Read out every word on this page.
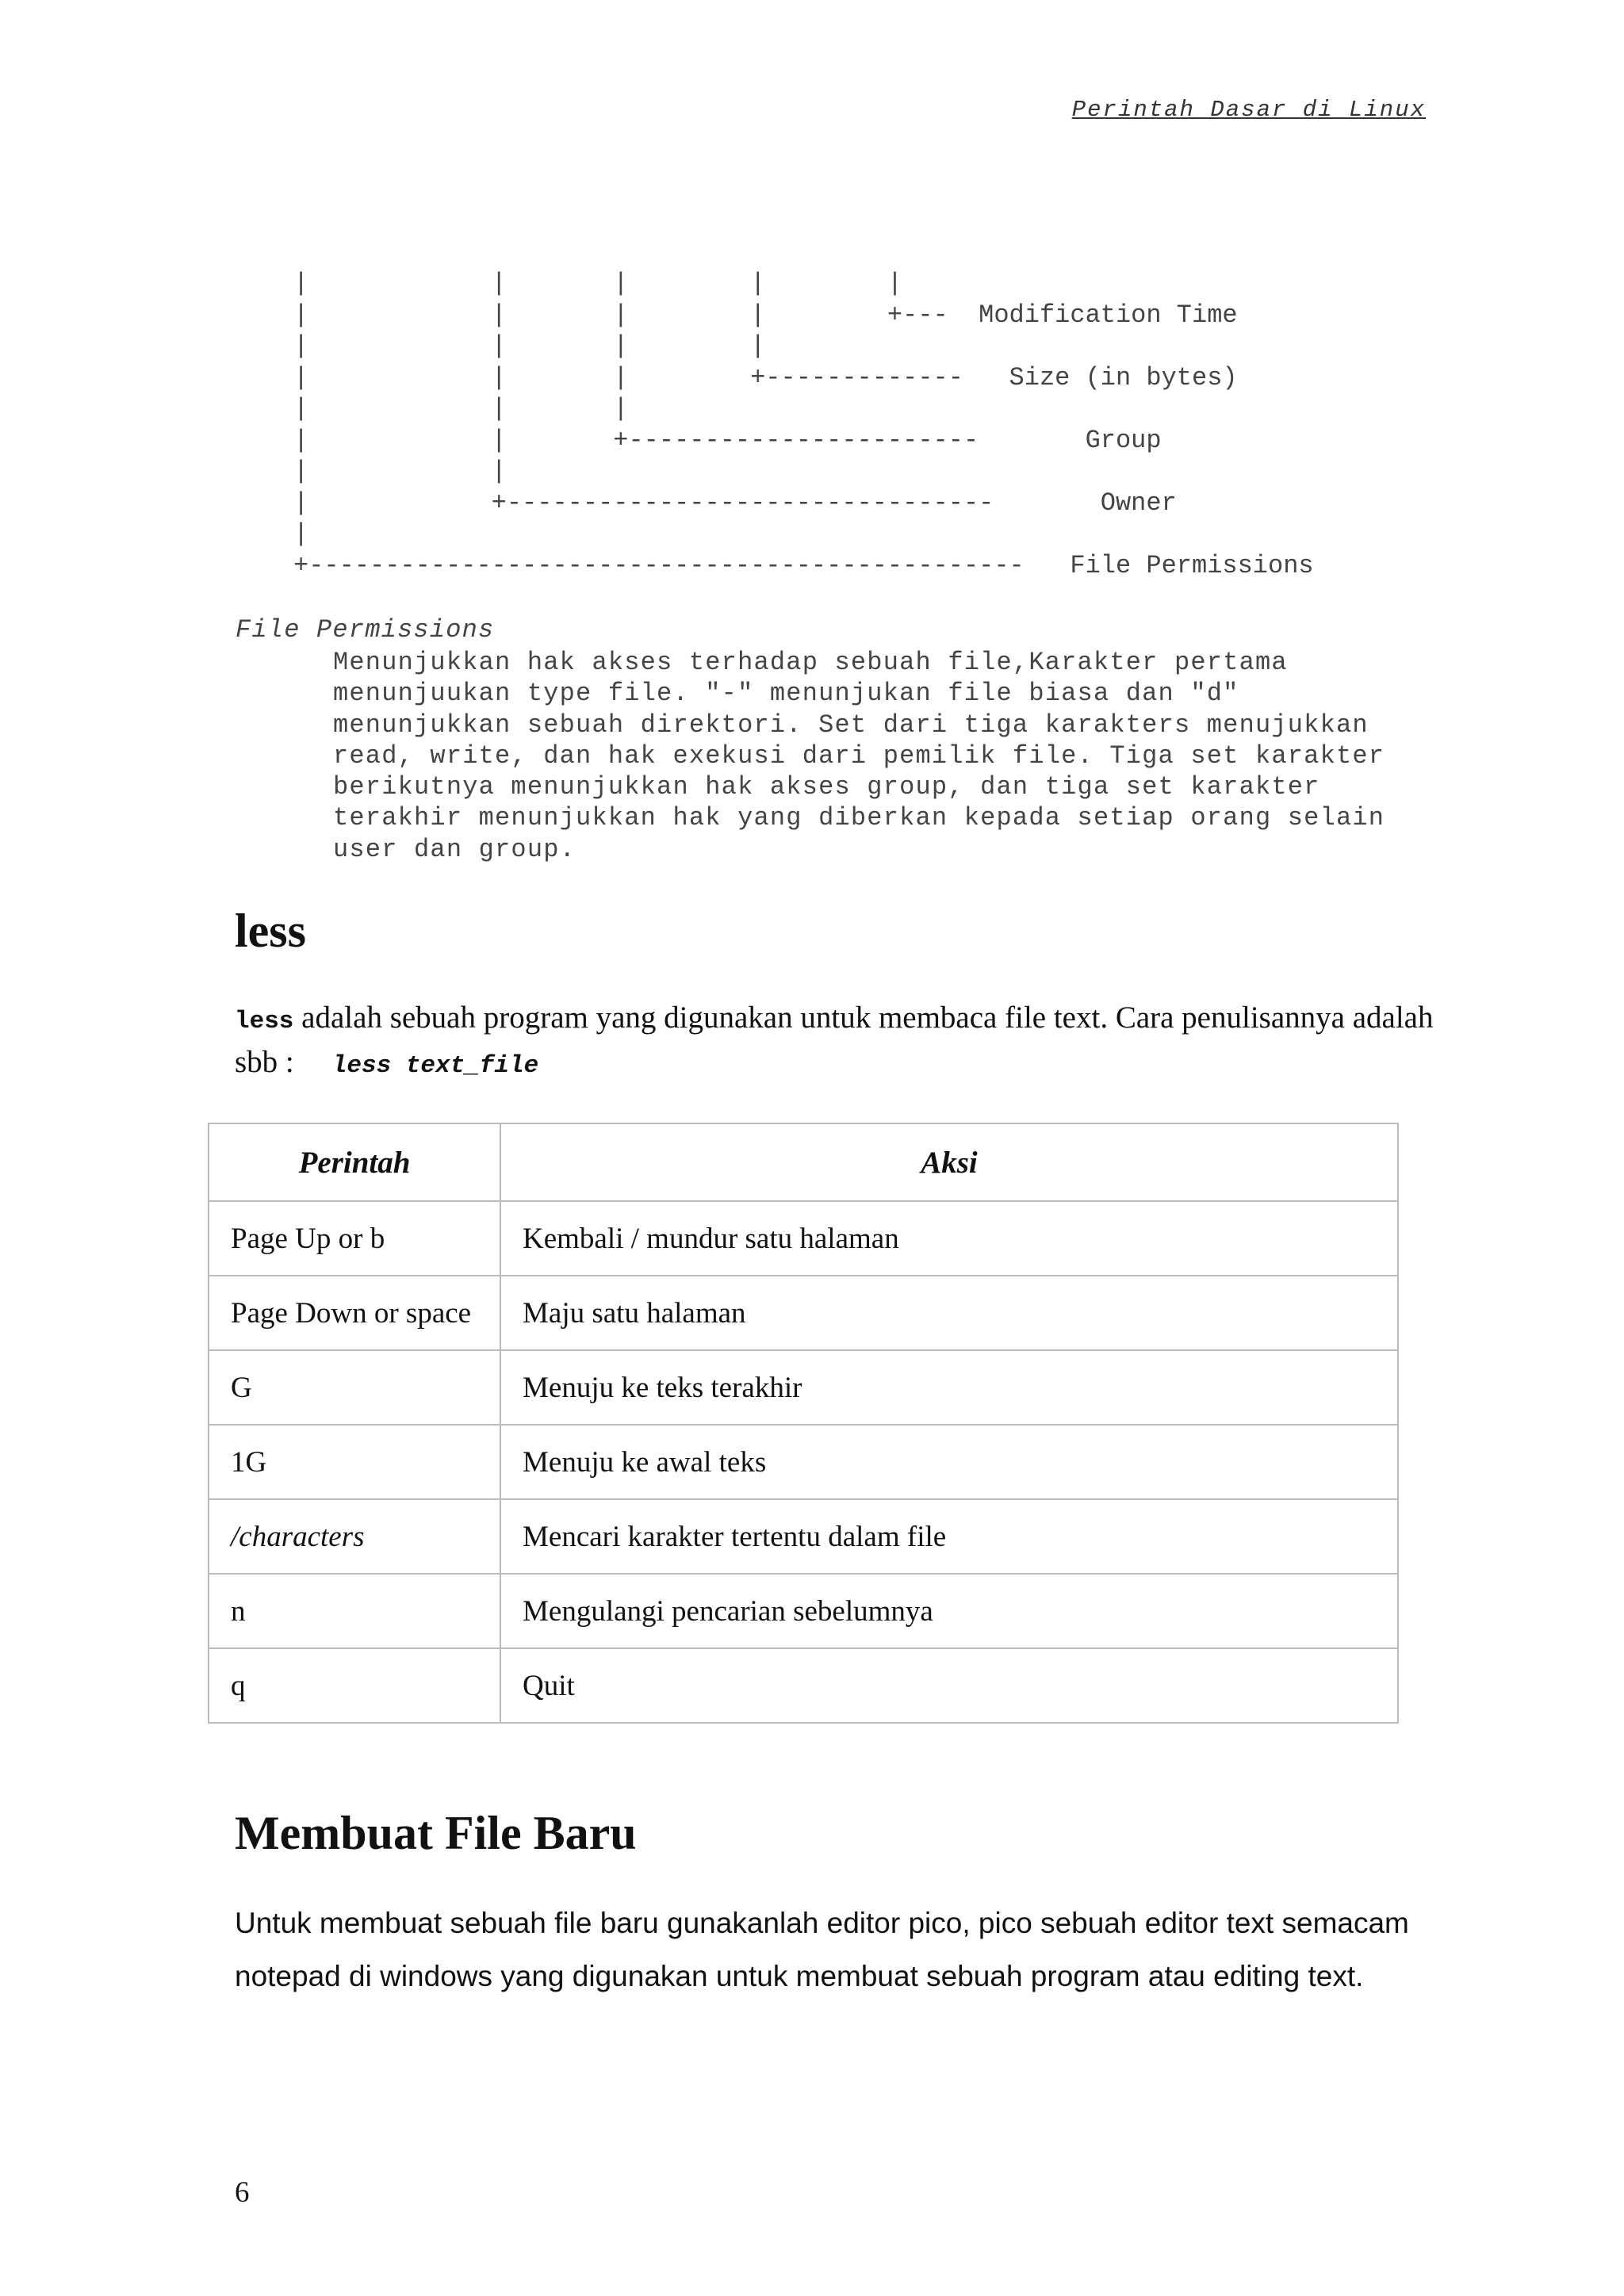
Perintah Dasar di Linux
|            |       |        |        |
|            |       |        |        +---  Modification Time
|            |       |        |
|            |       |        +-------------   Size (in bytes)
|            |       |
|            |       +-----------------------       Group
|            |
|            +--------------------------------       Owner
|
+-----------------------------------------------   File Permissions
File Permissions
Menunjukkan hak akses terhadap sebuah file,Karakter pertama
menunjuukan type file. "-" menunjukan file biasa dan "d"
menunjukkan sebuah direktori. Set dari tiga karakters menujukkan
read, write, dan hak exekusi dari pemilik file. Tiga set karakter
berikutnya menunjukkan hak akses group, dan tiga set karakter
terakhir menunjukkan hak yang diberkan kepada setiap orang selain
user dan group.
less
less adalah sebuah program yang digunakan untuk membaca file text. Cara penulisannya adalah sbb : less text_file
Perintah	Aksi
Page Up or b	Kembali / mundur satu halaman
Page Down or space	Maju satu halaman
G	Menuju ke teks terakhir
1G	Menuju ke awal teks
/characters	Mencari karakter tertentu dalam file
n	Mengulangi pencarian sebelumnya
q	Quit
Membuat File Baru
Untuk membuat sebuah file baru gunakanlah editor pico, pico sebuah editor text semacam notepad di windows yang digunakan untuk membuat sebuah program atau editing text.
6
